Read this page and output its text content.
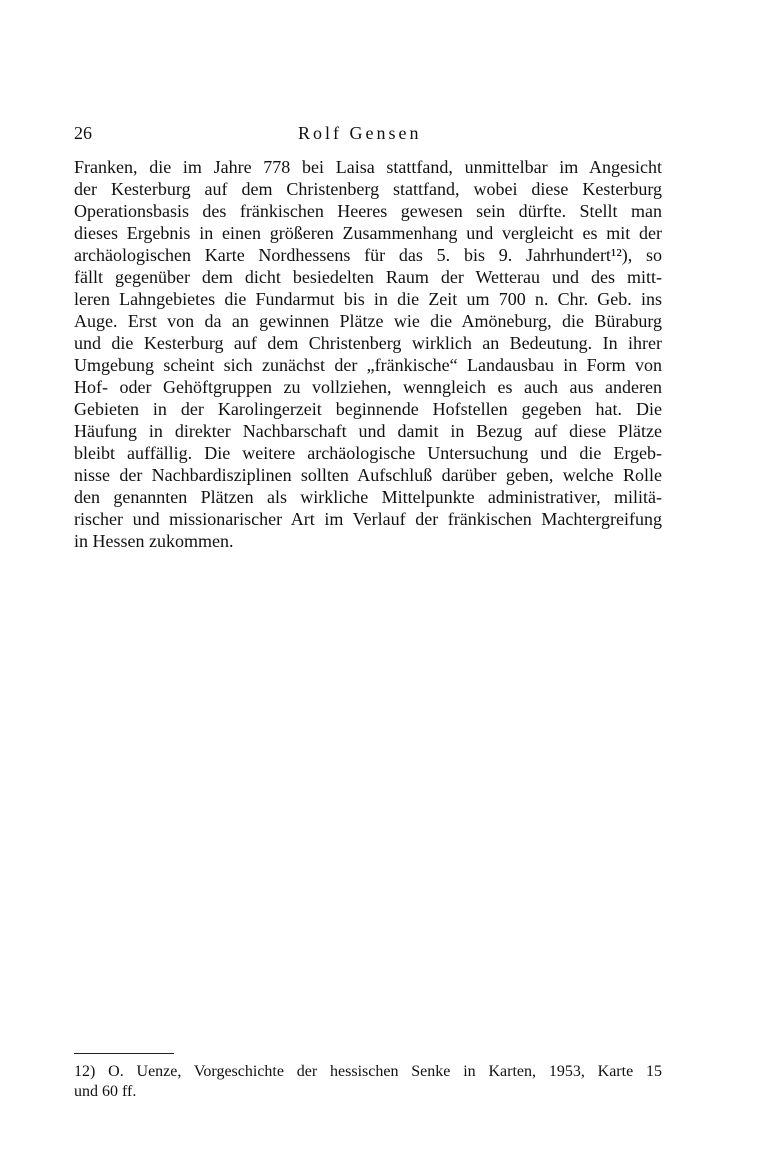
26	Rolf Gensen
Franken, die im Jahre 778 bei Laisa stattfand, unmittelbar im Angesicht
der Kesterburg auf dem Christenberg stattfand, wobei diese Kesterburg
Operationsbasis des fränkischen Heeres gewesen sein dürfte. Stellt man
dieses Ergebnis in einen größeren Zusammenhang und vergleicht es mit der
archäologischen Karte Nordhessens für das 5. bis 9. Jahrhundert¹²), so
fällt gegenüber dem dicht besiedelten Raum der Wetterau und des mitt-
leren Lahngebietes die Fundarmut bis in die Zeit um 700 n. Chr. Geb. ins
Auge. Erst von da an gewinnen Plätze wie die Amöneburg, die Büraburg
und die Kesterburg auf dem Christenberg wirklich an Bedeutung. In ihrer
Umgebung scheint sich zunächst der „fränkische“ Landausbau in Form von
Hof- oder Gehöftgruppen zu vollziehen, wenngleich es auch aus anderen
Gebieten in der Karolingerzeit beginnende Hofstellen gegeben hat. Die
Häufung in direkter Nachbarschaft und damit in Bezug auf diese Plätze
bleibt auffällig. Die weitere archäologische Untersuchung und die Ergeb-
nisse der Nachbardisziplinen sollten Aufschluß darüber geben, welche Rolle
den genannten Plätzen als wirkliche Mittelpunkte administrativer, militä-
rischer und missionarischer Art im Verlauf der fränkischen Machtergreifung
in Hessen zukommen.
12) O. Uenze, Vorgeschichte der hessischen Senke in Karten, 1953, Karte 15
und 60 ff.
